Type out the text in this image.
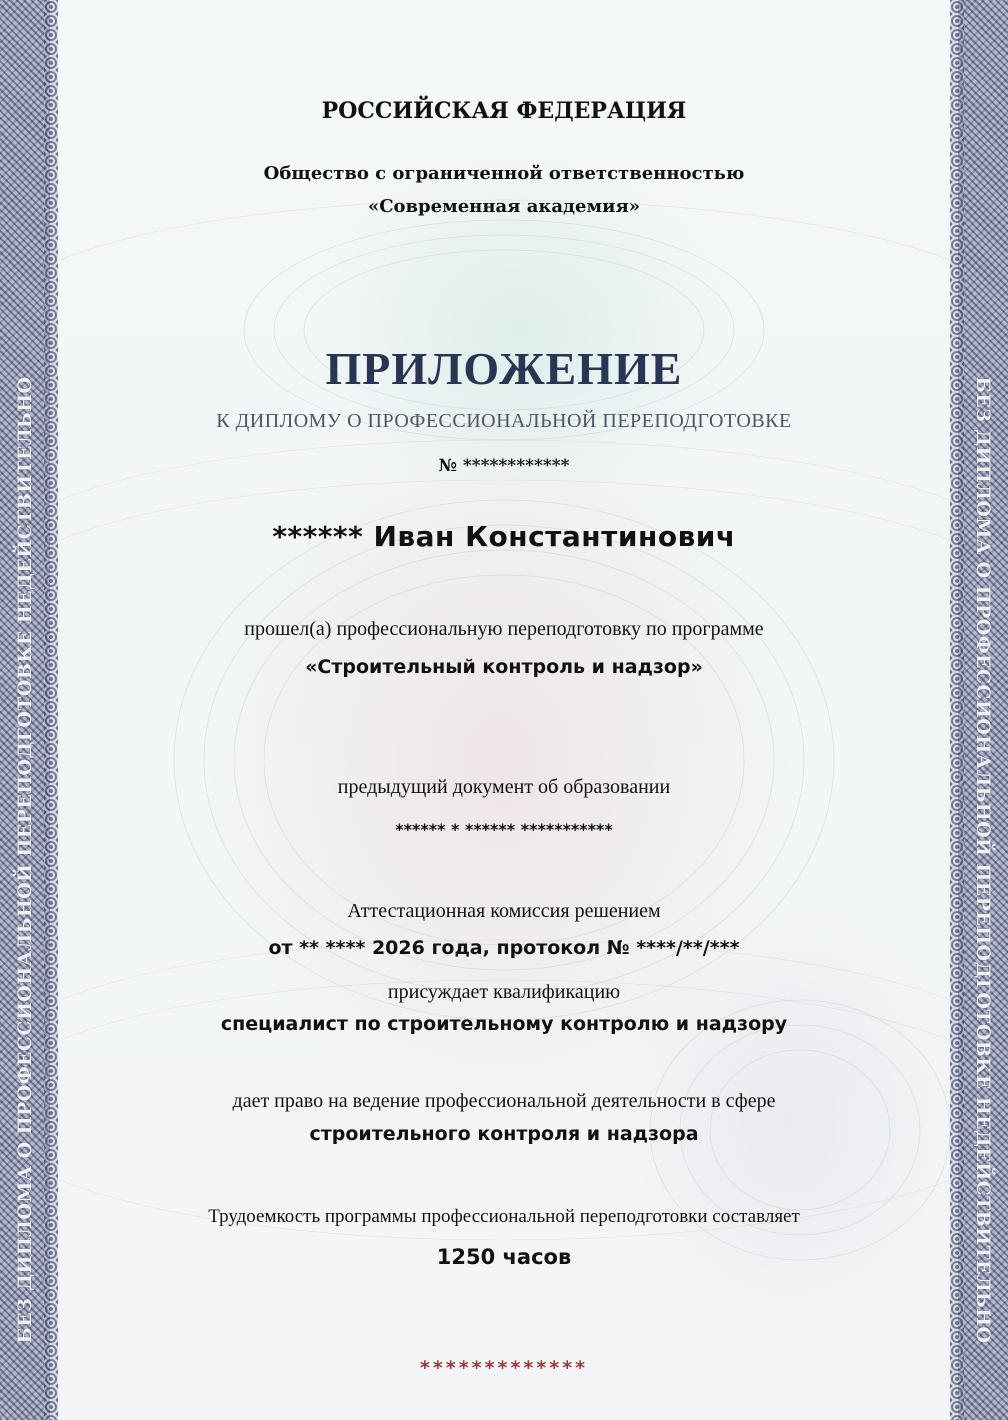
БЕЗ ДИПЛОМА О ПРОФЕССИОНАЛЬНОЙ ПЕРЕПОДГОТОВКЕ НЕДЕЙСТВИТЕЛЬНО	БЕЗ ДИПЛОМА О ПРОФЕССИОНАЛЬНОЙ ПЕРЕПОДГОТОВКЕ НЕДЕЙСТВИТЕЛЬНО
РОССИЙСКАЯ ФЕДЕРАЦИЯ
Общество с ограниченной ответственностью
«Современная академия»
ПРИЛОЖЕНИЕ
К ДИПЛОМУ О ПРОФЕССИОНАЛЬНОЙ ПЕРЕПОДГОТОВКЕ
№ ************
****** Иван Константинович
прошел(а) профессиональную переподготовку по программе
«Строительный контроль и надзор»
предыдущий документ об образовании
****** * ****** ***********
Аттестационная комиссия решением
от ** **** 2026 года, протокол № ****/**/***
присуждает квалификацию
специалист по строительному контролю и надзору
дает право на ведение профессиональной деятельности в сфере
строительного контроля и надзора
Трудоемкость программы профессиональной переподготовки составляет
1250 часов
*************
